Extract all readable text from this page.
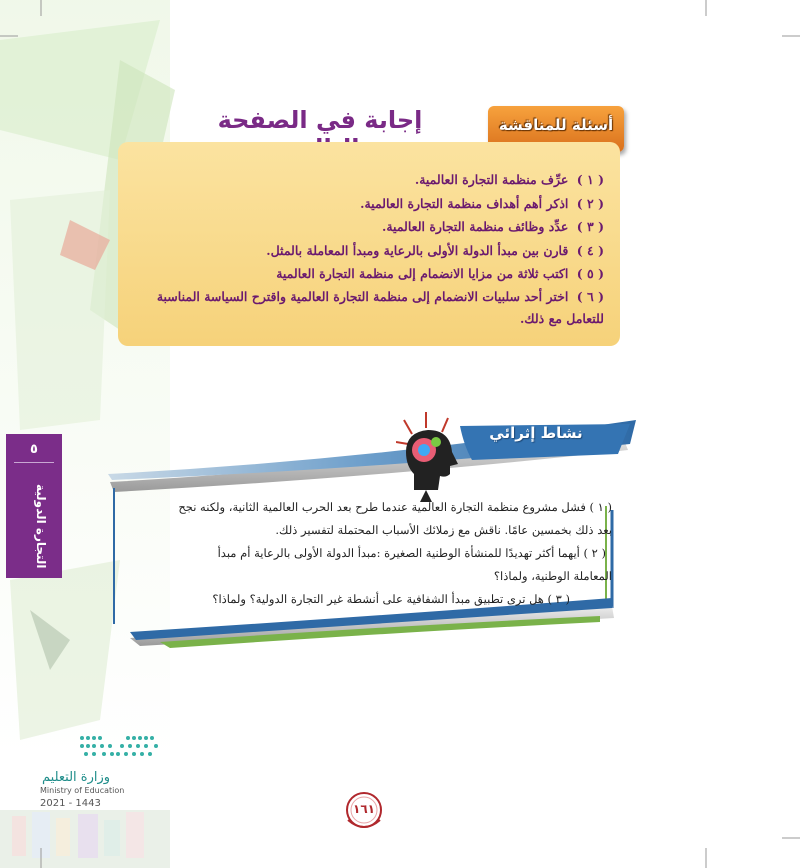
إجابة في الصفحة	أسئلة للمناقشة
( ١ ) عرِّف منظمة التجارة العالمية.
( ٢ ) اذكر أهم أهداف منظمة التجارة العالمية.
( ٣ ) عدِّد وظائف منظمة التجارة العالمية.
( ٤ ) قارن بين مبدأ الدولة الأولى بالرعاية ومبدأ المعاملة بالمثل.
( ٥ ) اكتب ثلاثة من مزايا الانضمام إلى منظمة التجارة العالمية
( ٦ ) اختر أحد سلبيات الانضمام إلى منظمة التجارة العالمية واقترح السياسة المناسبة للتعامل مع ذلك.
٥
التجارة الدولية
نشاط إثرائي

( ١ ) فشل مشروع منظمة التجارة العالمية عندما طرح بعد الحرب العالمية الثانية، ولكنه نجح

بعد ذلك بخمسين عامًا. ناقش مع زملائك الأسباب المحتملة لتفسير ذلك.

( ٢ ) أيهما أكثر تهديدًا للمنشأة الوطنية الصغيرة :مبدأ الدولة الأولى بالرعاية أم مبدأ

المعاملة الوطنية، ولماذا؟

( ٣ ) هل ترى تطبيق مبدأ الشفافية على أنشطة غير التجارة الدولية؟ ولماذا؟

وزارة التعليم
Ministry of Education
2021 - 1443	١٦١
